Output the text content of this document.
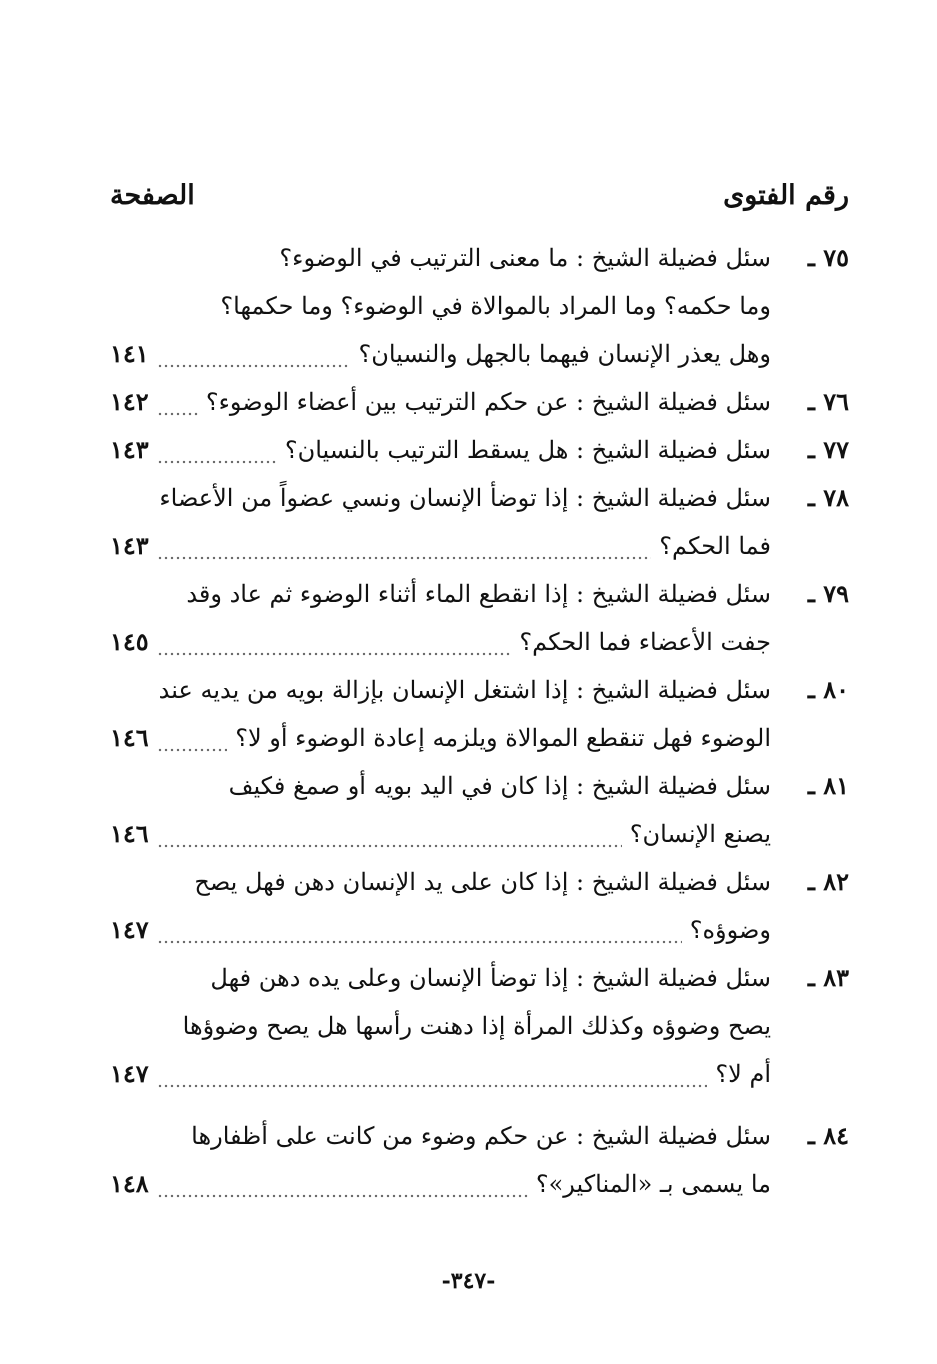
رقم الفتوى
الصفحة
٧٥ ـ
سئل فضيلة الشيخ : ما معنى الترتيب في الوضوء؟
وما حكمه؟ وما المراد بالموالاة في الوضوء؟ وما حكمها؟
وهل يعذر الإنسان فيهما بالجهل والنسيان؟
١٤١
٧٦ ـ
سئل فضيلة الشيخ : عن حكم الترتيب بين أعضاء الوضوء؟
١٤٢
٧٧ ـ
سئل فضيلة الشيخ : هل يسقط الترتيب بالنسيان؟
١٤٣
٧٨ ـ
سئل فضيلة الشيخ : إذا توضأ الإنسان ونسي عضواً من الأعضاء
فما الحكم؟
١٤٣
٧٩ ـ
سئل فضيلة الشيخ : إذا انقطع الماء أثناء الوضوء ثم عاد وقد
جفت الأعضاء فما الحكم؟
١٤٥
٨٠ ـ
سئل فضيلة الشيخ : إذا اشتغل الإنسان بإزالة بويه من يديه عند
الوضوء فهل تنقطع الموالاة ويلزمه إعادة الوضوء أو لا؟
١٤٦
٨١ ـ
سئل فضيلة الشيخ : إذا كان في اليد بويه أو صمغ فكيف
يصنع الإنسان؟
١٤٦
٨٢ ـ
سئل فضيلة الشيخ : إذا كان على يد الإنسان دهن فهل يصح
وضوؤه؟
١٤٧
٨٣ ـ
سئل فضيلة الشيخ : إذا توضأ الإنسان وعلى يده دهن فهل
يصح وضوؤه وكذلك المرأة إذا دهنت رأسها هل يصح وضوؤها
أم لا؟
١٤٧
٨٤ ـ
سئل فضيلة الشيخ : عن حكم وضوء من كانت على أظفارها
ما يسمى بـ «المناكير»؟
١٤٨
-٣٤٧-
